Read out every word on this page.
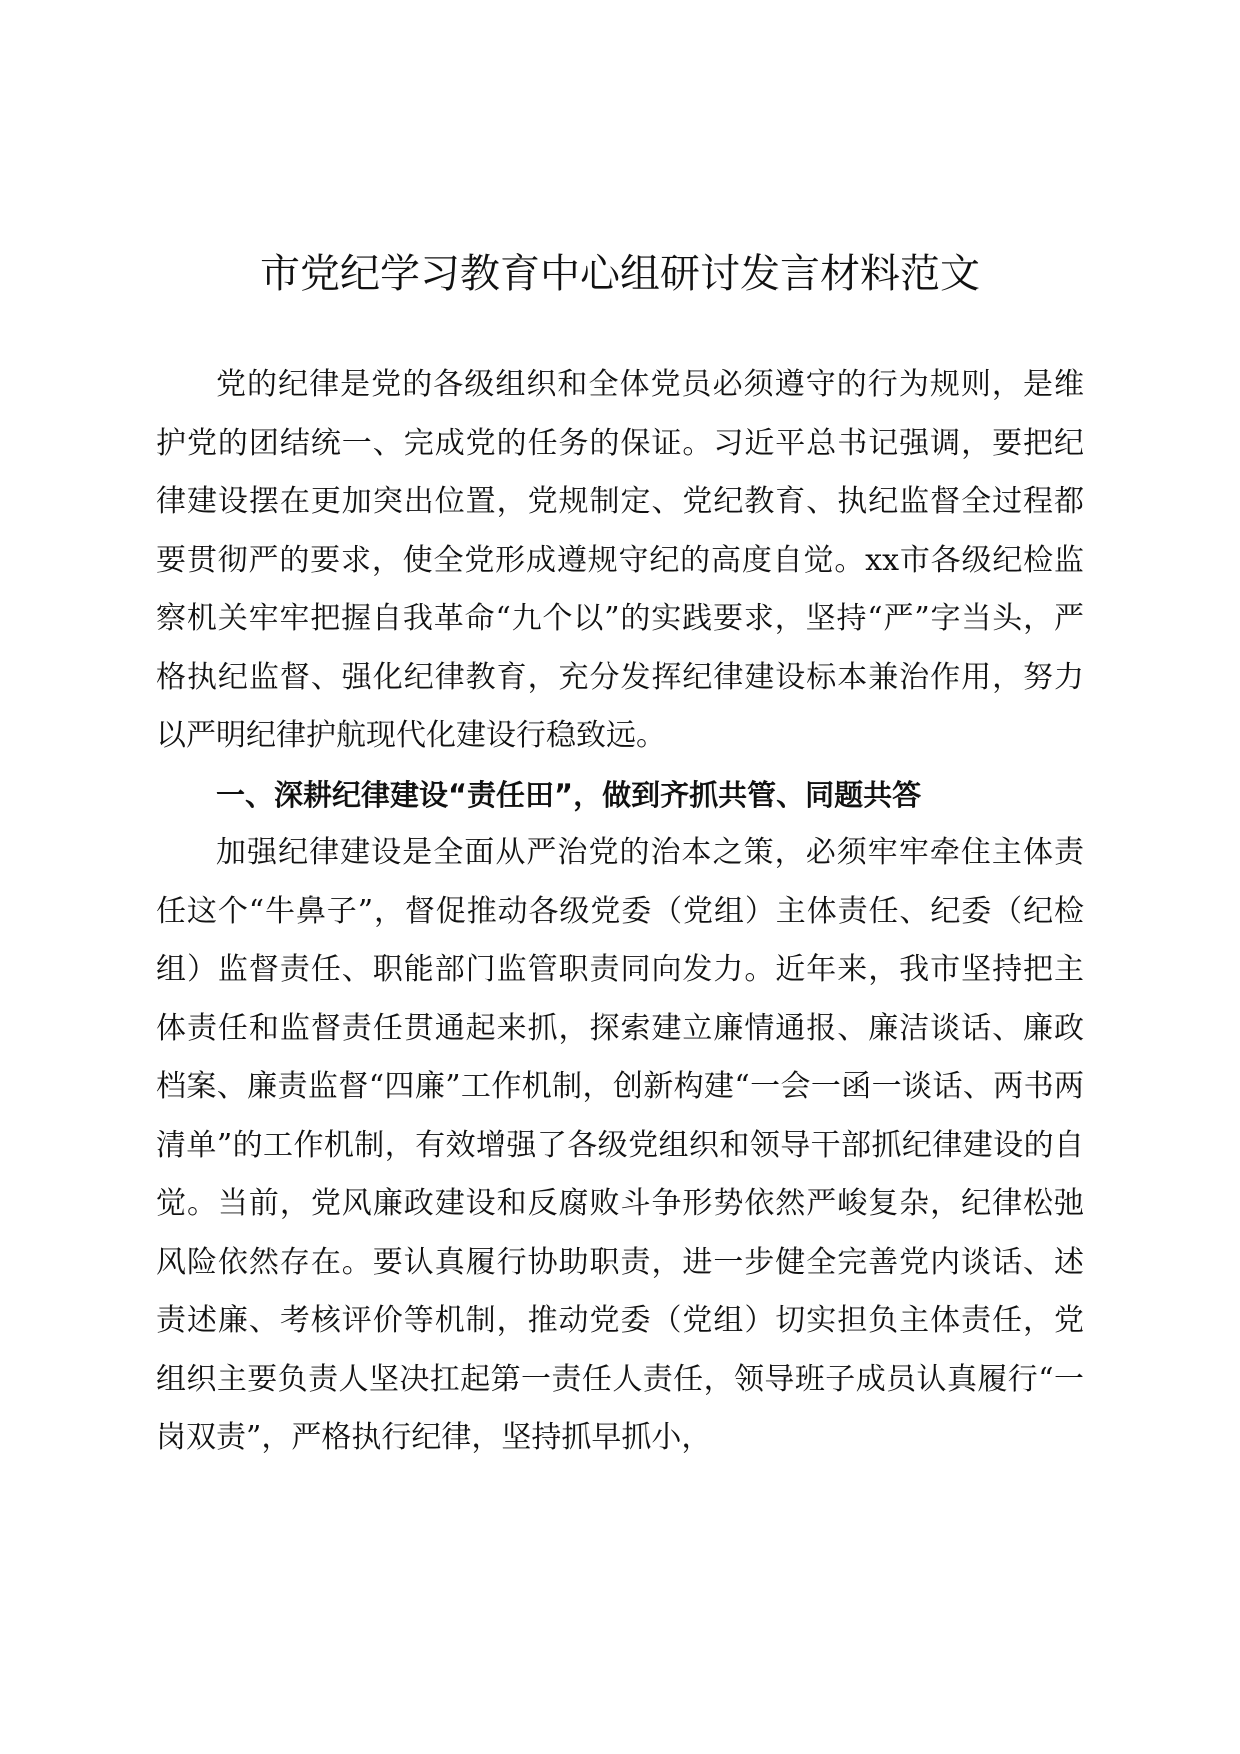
市党纪学习教育中心组研讨发言材料范文

党的纪律是党的各级组织和全体党员必须遵守的行为规则，是维护党的团结统一、完成党的任务的保证。习近平总书记强调，要把纪律建设摆在更加突出位置，党规制定、党纪教育、执纪监督全过程都要贯彻严的要求，使全党形成遵规守纪的高度自觉。xx市各级纪检监察机关牢牢把握自我革命“九个以”的实践要求，坚持“严”字当头，严格执纪监督、强化纪律教育，充分发挥纪律建设标本兼治作用，努力以严明纪律护航现代化建设行稳致远。

一、深耕纪律建设“责任田”，做到齐抓共管、同题共答

加强纪律建设是全面从严治党的治本之策，必须牢牢牵住主体责任这个“牛鼻子”，督促推动各级党委（党组）主体责任、纪委（纪检组）监督责任、职能部门监管职责同向发力。近年来，我市坚持把主体责任和监督责任贯通起来抓，探索建立廉情通报、廉洁谈话、廉政档案、廉责监督“四廉”工作机制，创新构建“一会一函一谈话、两书两清单”的工作机制，有效增强了各级党组织和领导干部抓纪律建设的自觉。当前，党风廉政建设和反腐败斗争形势依然严峻复杂，纪律松弛风险依然存在。要认真履行协助职责，进一步健全完善党内谈话、述责述廉、考核评价等机制，推动党委（党组）切实担负主体责任，党组织主要负责人坚决扛起第一责任人责任，领导班子成员认真履行“一岗双责”，严格执行纪律，坚持抓早抓小，
